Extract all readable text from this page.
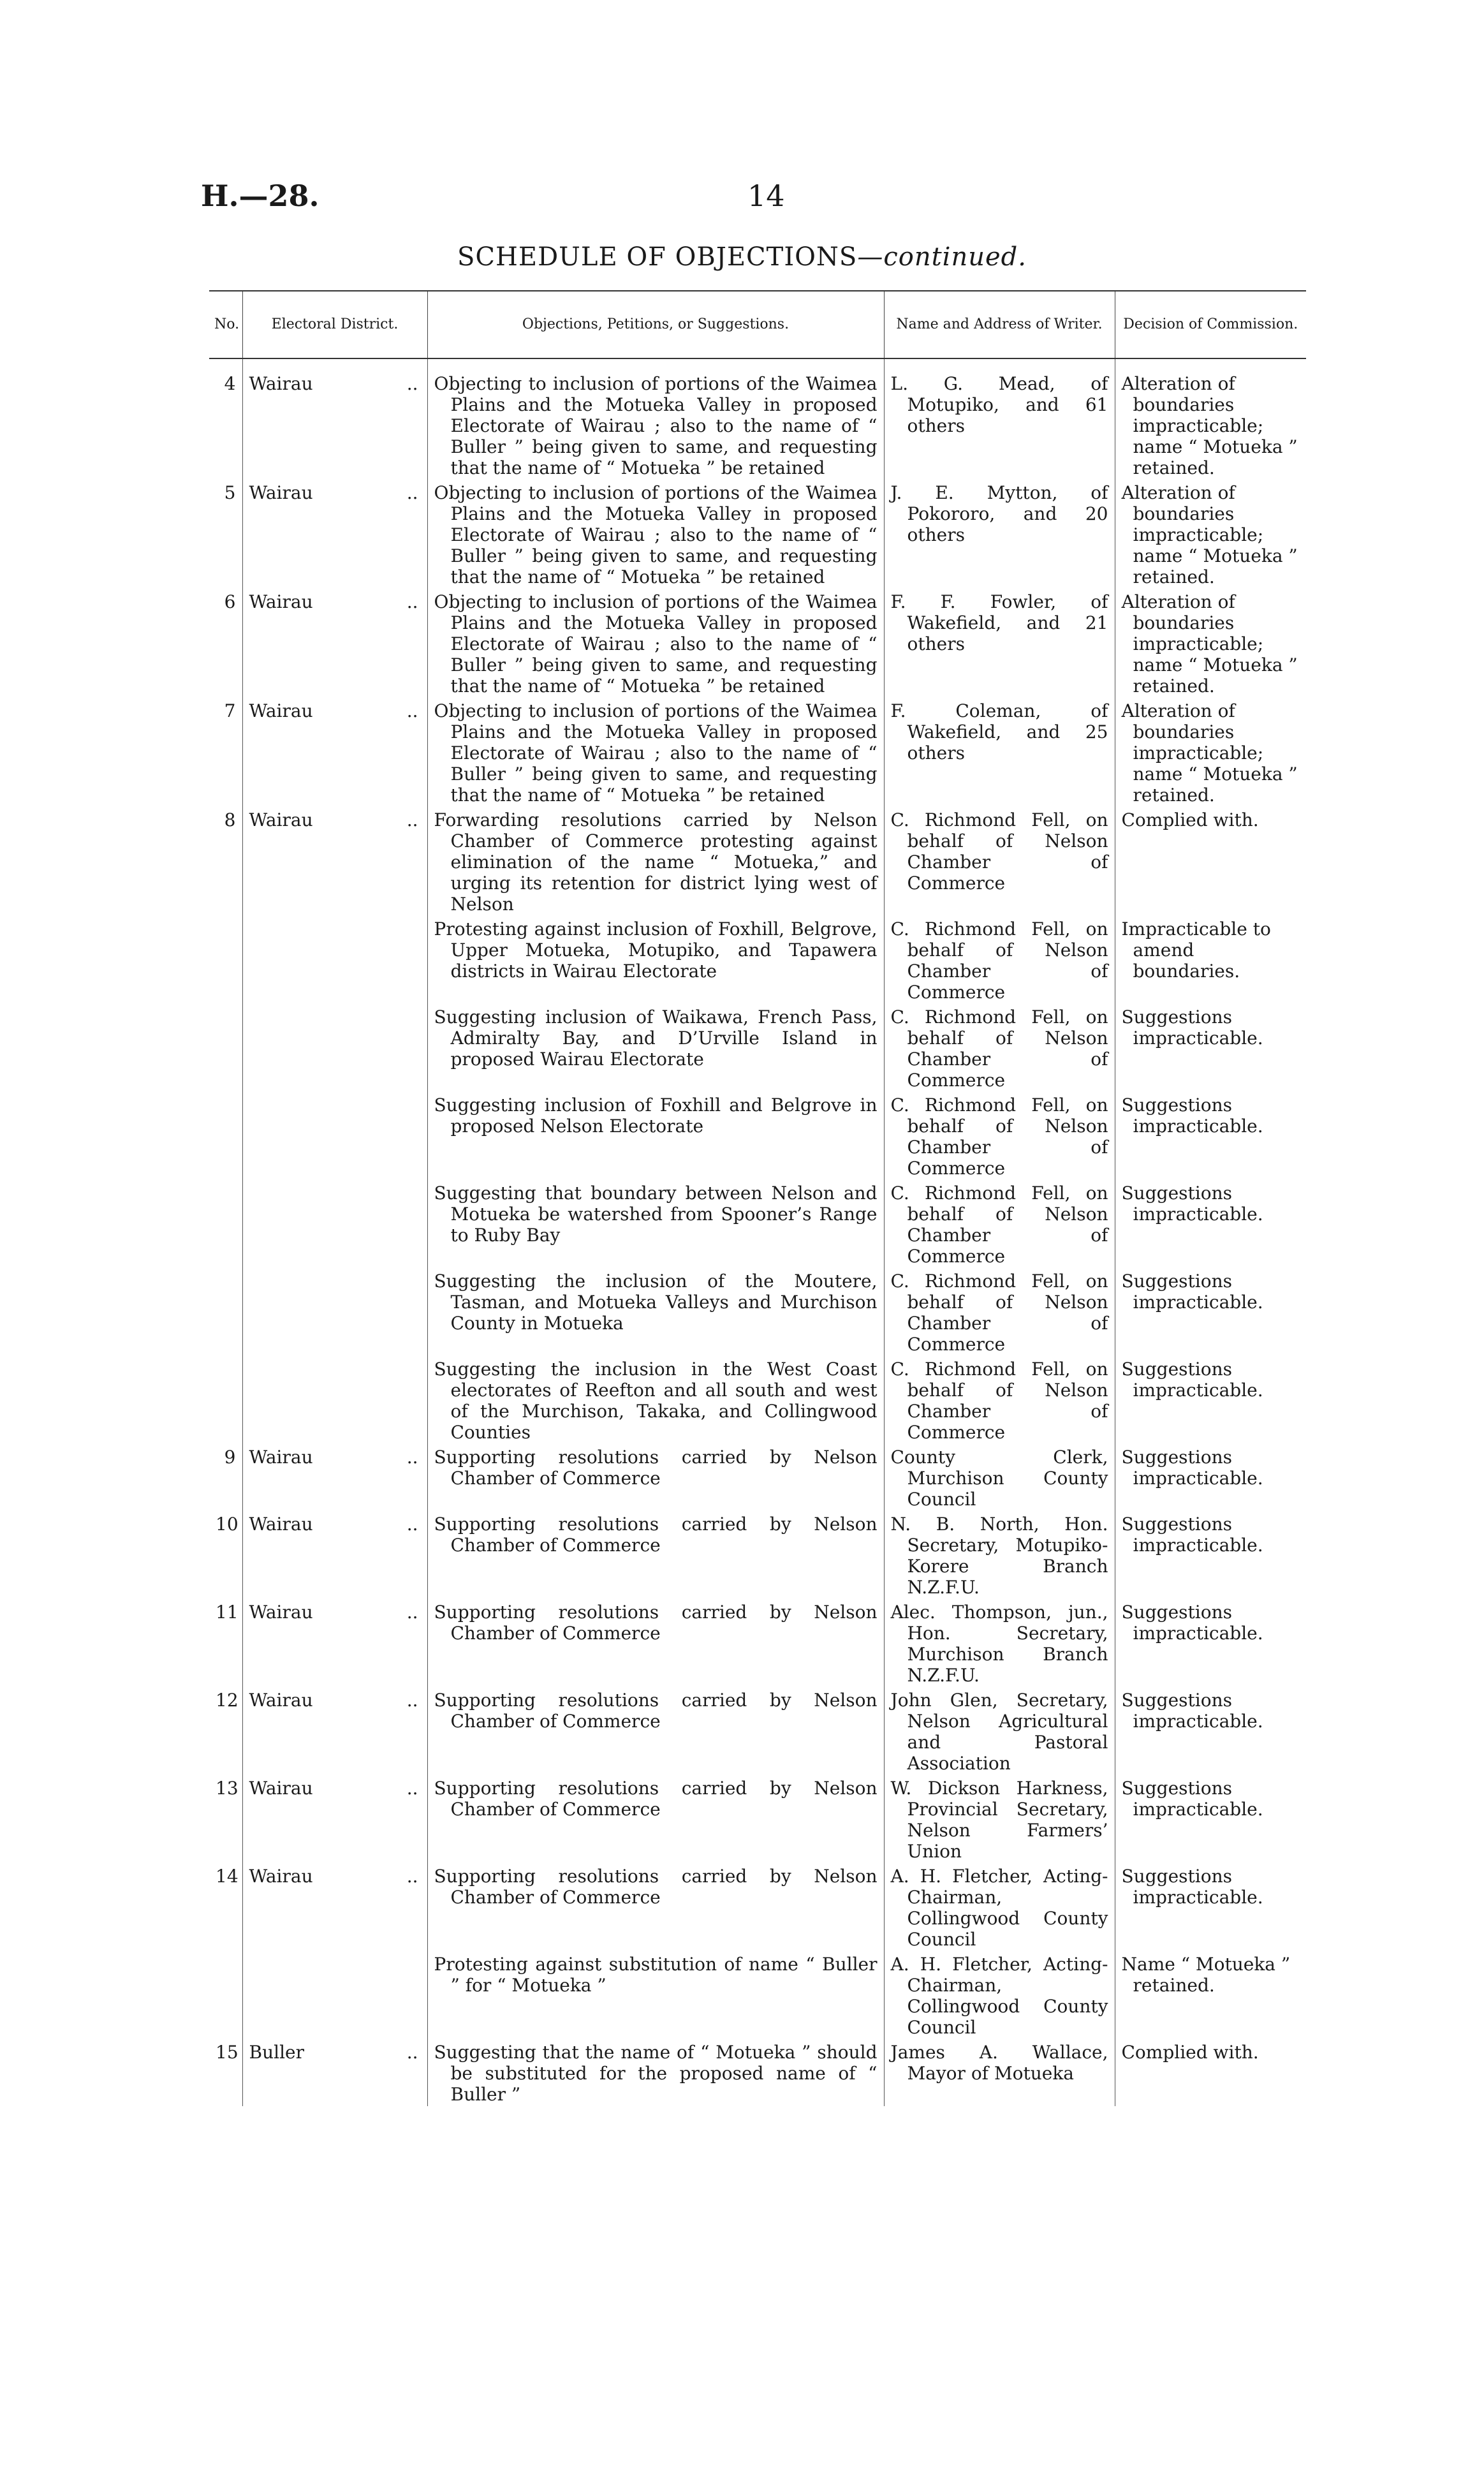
H.—28.	14
SCHEDULE OF OBJECTIONS—continued.
No.	Electoral District.	Objections, Petitions, or Suggestions.	Name and Address of Writer.	Decision of Commission.
4	Wairau ..	Objecting to inclusion of portions of the Waimea Plains and the Motueka Valley in proposed Electorate of Wairau ; also to the name of “ Buller ” being given to same, and requesting that the name of “ Motueka ” be retained	L. G. Mead, of Motupiko, and 61 others	Alteration of boundaries impracticable; name “ Motueka ” retained.

5	Wairau ..	Objecting to inclusion of portions of the Waimea Plains and the Motueka Valley in proposed Electorate of Wairau ; also to the name of “ Buller ” being given to same, and requesting that the name of “ Motueka ” be retained	J. E. Mytton, of Pokororo, and 20 others	Alteration of boundaries impracticable; name “ Motueka ” retained.

6	Wairau ..	Objecting to inclusion of portions of the Waimea Plains and the Motueka Valley in proposed Electorate of Wairau ; also to the name of “ Buller ” being given to same, and requesting that the name of “ Motueka ” be retained	F. F. Fowler, of Wakefield, and 21 others	Alteration of boundaries impracticable; name “ Motueka ” retained.

7	Wairau ..	Objecting to inclusion of portions of the Waimea Plains and the Motueka Valley in proposed Electorate of Wairau ; also to the name of “ Buller ” being given to same, and requesting that the name of “ Motueka ” be retained	F. Coleman, of Wakefield, and 25 others	Alteration of boundaries impracticable; name “ Motueka ” retained.

8	Wairau ..	Forwarding resolutions carried by Nelson Chamber of Commerce protesting against elimination of the name “ Motueka,” and urging its retention for district lying west of Nelson	C. Richmond Fell, on behalf of Nelson Chamber of Commerce	Complied with.

		Protesting against inclusion of Foxhill, Belgrove, Upper Motueka, Motupiko, and Tapawera districts in Wairau Electorate	C. Richmond Fell, on behalf of Nelson Chamber of Commerce	Impracticable to amend boundaries.

		Suggesting inclusion of Waikawa, French Pass, Admiralty Bay, and D’Urville Island in proposed Wairau Electorate	C. Richmond Fell, on behalf of Nelson Chamber of Commerce	Suggestions impracticable.

		Suggesting inclusion of Foxhill and Belgrove in proposed Nelson Electorate	C. Richmond Fell, on behalf of Nelson Chamber of Commerce	Suggestions impracticable.

		Suggesting that boundary between Nelson and Motueka be watershed from Spooner’s Range to Ruby Bay	C. Richmond Fell, on behalf of Nelson Chamber of Commerce	Suggestions impracticable.

		Suggesting the inclusion of the Moutere, Tasman, and Motueka Valleys and Murchison County in Motueka	C. Richmond Fell, on behalf of Nelson Chamber of Commerce	Suggestions impracticable.

		Suggesting the inclusion in the West Coast electorates of Reefton and all south and west of the Murchison, Takaka, and Collingwood Counties	C. Richmond Fell, on behalf of Nelson Chamber of Commerce	Suggestions impracticable.

9	Wairau ..	Supporting resolutions carried by Nelson Chamber of Commerce	County Clerk, Murchison County Council	Suggestions impracticable.

10	Wairau ..	Supporting resolutions carried by Nelson Chamber of Commerce	N. B. North, Hon. Secretary, Motupiko-Korere Branch N.Z.F.U.	Suggestions impracticable.

11	Wairau ..	Supporting resolutions carried by Nelson Chamber of Commerce	Alec. Thompson, jun., Hon. Secretary, Murchison Branch N.Z.F.U.	Suggestions impracticable.

12	Wairau ..	Supporting resolutions carried by Nelson Chamber of Commerce	John Glen, Secretary, Nelson Agricultural and Pastoral Association	Suggestions impracticable.

13	Wairau ..	Supporting resolutions carried by Nelson Chamber of Commerce	W. Dickson Harkness, Provincial Secretary, Nelson Farmers’ Union	Suggestions impracticable.

14	Wairau ..	Supporting resolutions carried by Nelson Chamber of Commerce	A. H. Fletcher, Acting-Chairman, Collingwood County Council	Suggestions impracticable.

		Protesting against substitution of name “ Buller ” for “ Motueka ”	A. H. Fletcher, Acting-Chairman, Collingwood County Council	Name “ Motueka ” retained.

15	Buller ..	Suggesting that the name of “ Motueka ” should be substituted for the proposed name of “ Buller ”	James A. Wallace, Mayor of Motueka	Complied with.
